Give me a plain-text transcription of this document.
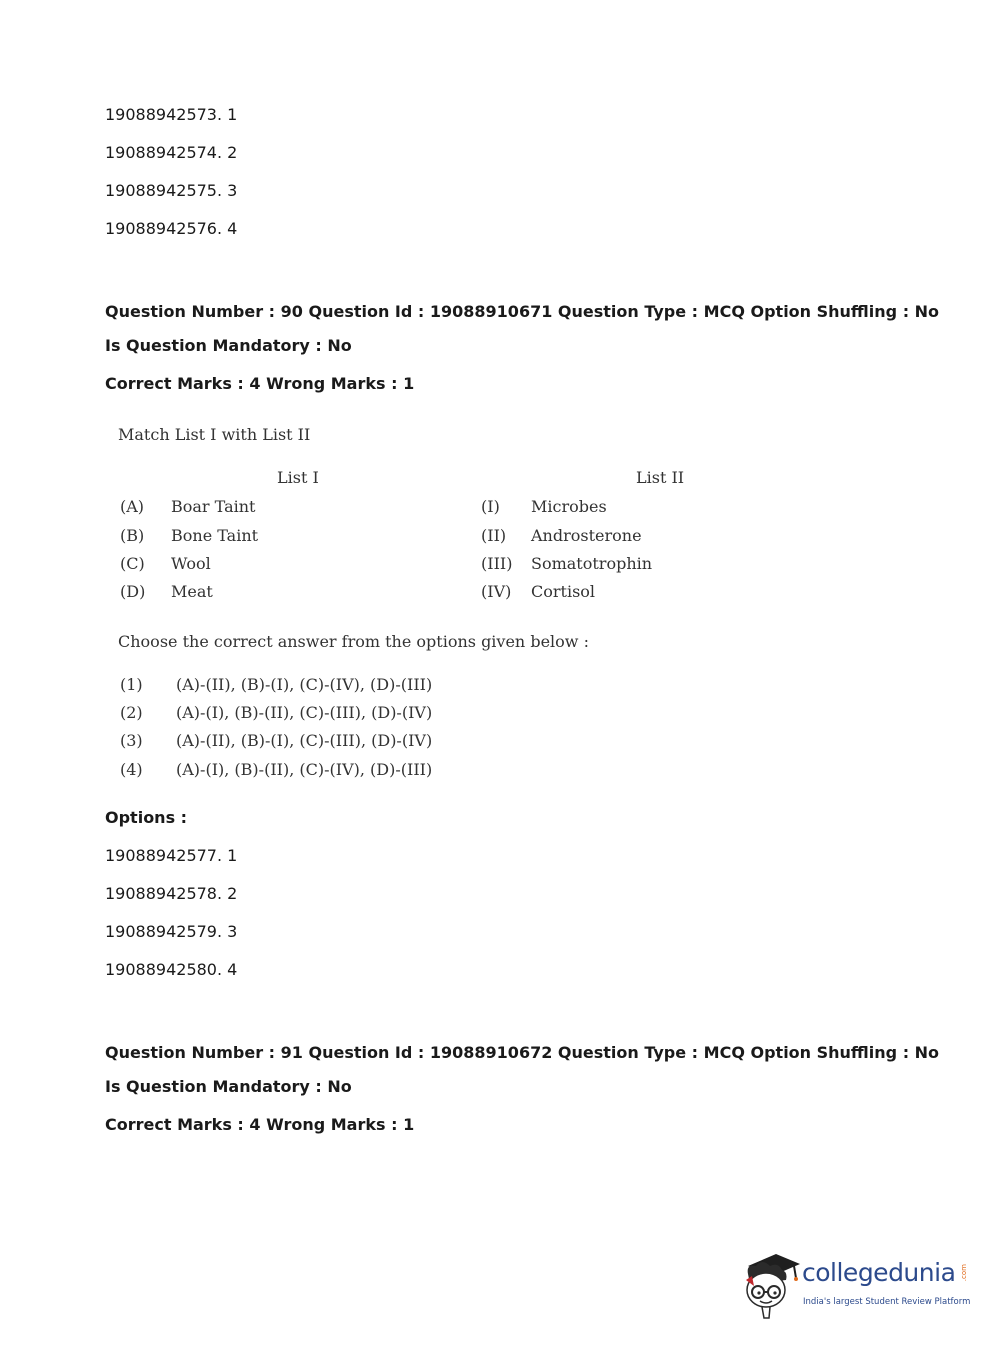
19088942573. 1
19088942574. 2
19088942575. 3
19088942576. 4
Question Number : 90 Question Id : 19088910671 Question Type : MCQ Option Shuffling : No
Is Question Mandatory : No
Correct Marks : 4 Wrong Marks : 1
Match List I with List II
List I	List II
(A) Boar Taint	(I) Microbes
(B) Bone Taint	(II) Androsterone
(C) Wool	(III) Somatotrophin
(D) Meat	(IV) Cortisol
Choose the correct answer from the options given below :
(1) (A)-(II), (B)-(I), (C)-(IV), (D)-(III)
(2) (A)-(I), (B)-(II), (C)-(III), (D)-(IV)
(3) (A)-(II), (B)-(I), (C)-(III), (D)-(IV)
(4) (A)-(I), (B)-(II), (C)-(IV), (D)-(III)
Options :
19088942577. 1
19088942578. 2
19088942579. 3
19088942580. 4
Question Number : 91 Question Id : 19088910672 Question Type : MCQ Option Shuffling : No
Is Question Mandatory : No
Correct Marks : 4 Wrong Marks : 1
collegedunia .com
India's largest Student Review Platform
